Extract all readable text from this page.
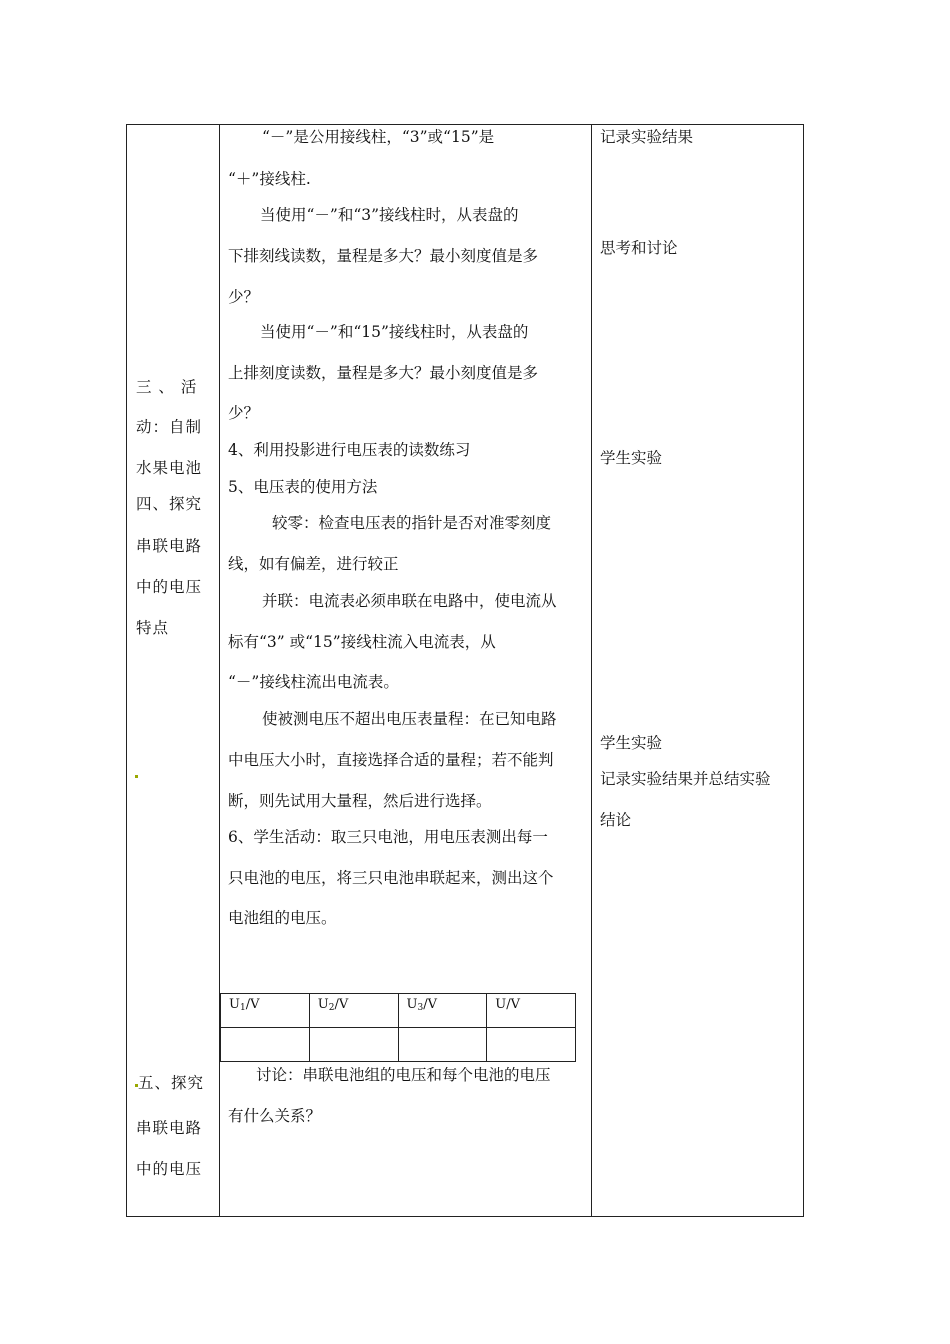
三 、 活
动：自制
水果电池
四、探究
串联电路
中的电压
特点
五、探究
串联电路
中的电压
“－”是公用接线柱，“3”或“15”是
“＋”接线柱.
当使用“－”和“3”接线柱时，从表盘的
下排刻线读数，量程是多大？最小刻度值是多
少？
当使用“－”和“15”接线柱时，从表盘的
上排刻度读数，量程是多大？最小刻度值是多
少？
4、利用投影进行电压表的读数练习
5、电压表的使用方法
较零：检查电压表的指针是否对准零刻度
线，如有偏差，进行较正
并联：电流表必须串联在电路中，使电流从
标有“3” 或“15”接线柱流入电流表，从
“－”接线柱流出电流表。
使被测电压不超出电压表量程：在已知电路
中电压大小时，直接选择合适的量程；若不能判
断，则先试用大量程，然后进行选择。
6、学生活动：取三只电池，用电压表测出每一
只电池的电压，将三只电池串联起来，测出这个
电池组的电压。
$U_1/V$	$U_2/V$	$U_3/V$	U/V

讨论：串联电池组的电压和每个电池的电压
有什么关系？
记录实验结果
思考和讨论
学生实验
学生实验
记录实验结果并总结实验
结论
